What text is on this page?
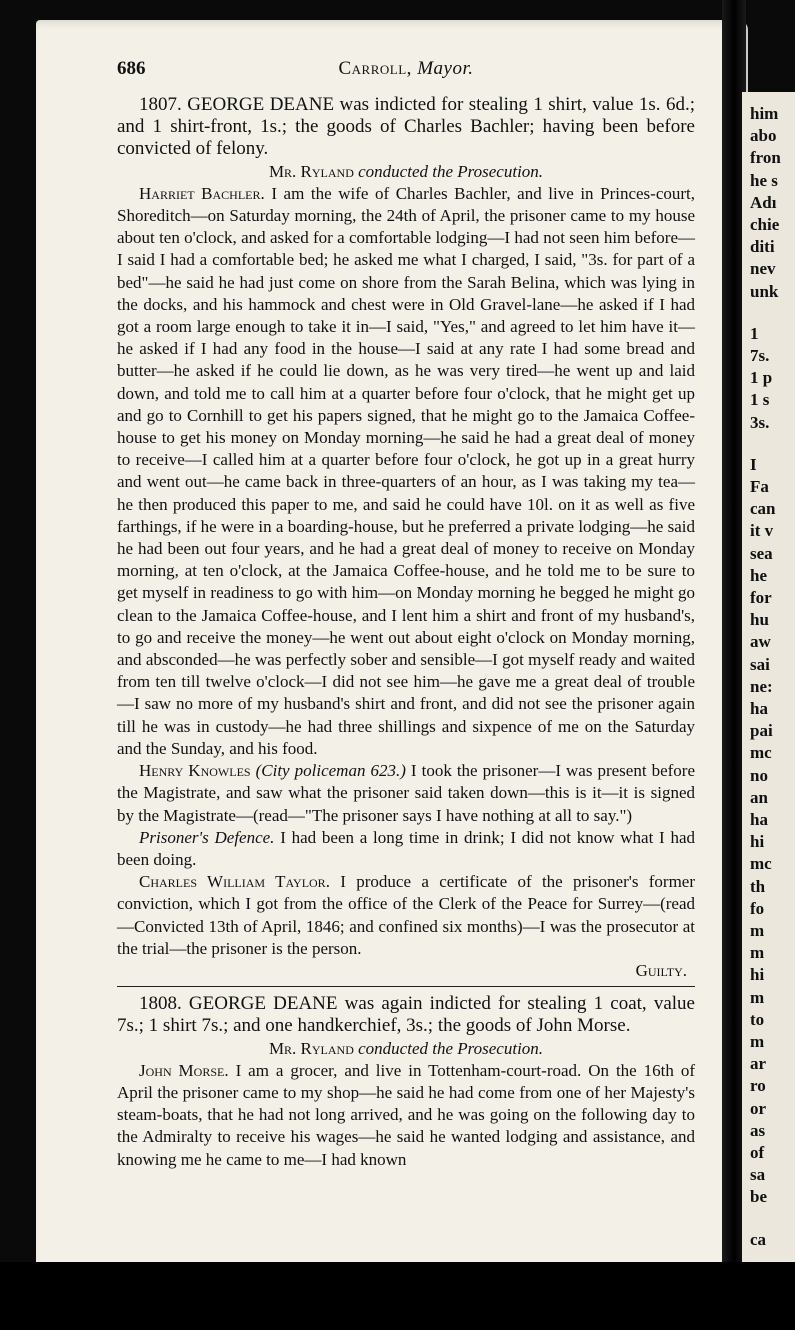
him
abo
fron
he s
Adı
chie
diti
nev
unk
1
7s.
1 p
1 s
3s.
I
Fa
can
it v
sea
he
for
hu
aw
sai
ne:
ha
pai
mc
no
an
ha
hi
mc
th
fo
m
m
hi
m
to
m
ar
ro
or
as
of
sa
be
ca
686	Carroll, Mayor.

1807. GEORGE DEANE was indicted for stealing 1 shirt, value 1s. 6d.; and 1 shirt-front, 1s.; the goods of Charles Bachler; having been before convicted of felony.

Mr. Ryland conducted the Prosecution.

Harriet Bachler. I am the wife of Charles Bachler, and live in Princes-court, Shoreditch—on Saturday morning, the 24th of April, the prisoner came to my house about ten o'clock, and asked for a comfortable lodging—I had not seen him before—I said I had a comfortable bed; he asked me what I charged, I said, "3s. for part of a bed"—he said he had just come on shore from the Sarah Belina, which was lying in the docks, and his hammock and chest were in Old Gravel-lane—he asked if I had got a room large enough to take it in—I said, "Yes," and agreed to let him have it—he asked if I had any food in the house—I said at any rate I had some bread and butter—he asked if he could lie down, as he was very tired—he went up and laid down, and told me to call him at a quarter before four o'clock, that he might get up and go to Cornhill to get his papers signed, that he might go to the Jamaica Coffee-house to get his money on Monday morning—he said he had a great deal of money to receive—I called him at a quarter before four o'clock, he got up in a great hurry and went out—he came back in three-quarters of an hour, as I was taking my tea—he then produced this paper to me, and said he could have 10l. on it as well as five farthings, if he were in a boarding-house, but he preferred a private lodging—he said he had been out four years, and he had a great deal of money to receive on Monday morning, at ten o'clock, at the Jamaica Coffee-house, and he told me to be sure to get myself in readiness to go with him—on Monday morning he begged he might go clean to the Jamaica Coffee-house, and I lent him a shirt and front of my husband's, to go and receive the money—he went out about eight o'clock on Monday morning, and absconded—he was perfectly sober and sensible—I got myself ready and waited from ten till twelve o'clock—I did not see him—he gave me a great deal of trouble—I saw no more of my husband's shirt and front, and did not see the prisoner again till he was in custody—he had three shillings and sixpence of me on the Saturday and the Sunday, and his food.

Henry Knowles (City policeman 623.) I took the prisoner—I was present before the Magistrate, and saw what the prisoner said taken down—this is it—it is signed by the Magistrate—(read—"The prisoner says I have nothing at all to say.")

Prisoner's Defence. I had been a long time in drink; I did not know what I had been doing.

Charles William Taylor. I produce a certificate of the prisoner's former conviction, which I got from the office of the Clerk of the Peace for Surrey—(read—Convicted 13th of April, 1846; and confined six months)—I was the prosecutor at the trial—the prisoner is the person.

Guilty.

1808. GEORGE DEANE was again indicted for stealing 1 coat, value 7s.; 1 shirt 7s.; and one handkerchief, 3s.; the goods of John Morse.

Mr. Ryland conducted the Prosecution.

John Morse. I am a grocer, and live in Tottenham-court-road. On the 16th of April the prisoner came to my shop—he said he had come from one of her Majesty's steam-boats, that he had not long arrived, and he was going on the following day to the Admiralty to receive his wages—he said he wanted lodging and assistance, and knowing me he came to me—I had known
